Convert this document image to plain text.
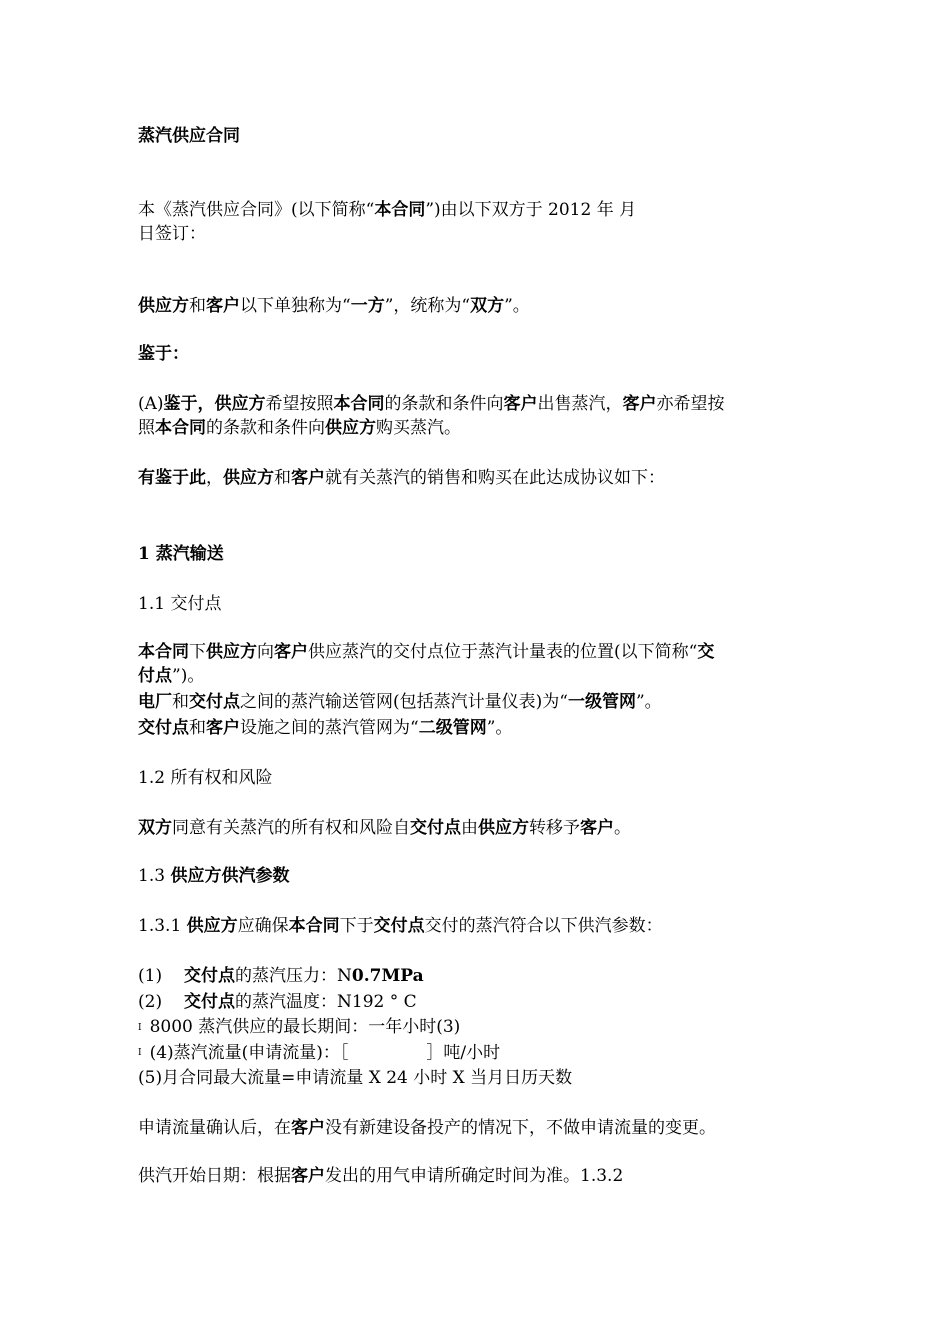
蒸汽供应合同
本《蒸汽供应合同》(以下简称“本合同”)由以下双方于 2012 年 月
日签订：
供应方和客户以下单独称为“一方”，统称为“双方”。
鉴于：
(A)鉴于，供应方希望按照本合同的条款和条件向客户出售蒸汽，客户亦希望按
照本合同的条款和条件向供应方购买蒸汽。
有鉴于此，供应方和客户就有关蒸汽的销售和购买在此达成协议如下：
1 蒸汽输送
1.1 交付点
本合同下供应方向客户供应蒸汽的交付点位于蒸汽计量表的位置(以下简称“交
付点”)。
电厂和交付点之间的蒸汽输送管网(包括蒸汽计量仪表)为“一级管网”。
交付点和客户设施之间的蒸汽管网为“二级管网”。
1.2 所有权和风险
双方同意有关蒸汽的所有权和风险自交付点由供应方转移予客户。
1.3 供应方供汽参数
1.3.1 供应方应确保本合同下于交付点交付的蒸汽符合以下供汽参数：
(1) 交付点的蒸汽压力：N0.7MPa
(2) 交付点的蒸汽温度：N192 ° C
I 8000 蒸汽供应的最长期间：一年小时(3)
I (4)蒸汽流量(申请流量)：［	］吨/小时
(5)月合同最大流量=申请流量 X 24 小时 X 当月日历天数
申请流量确认后，在客户没有新建设备投产的情况下，不做申请流量的变更。
供汽开始日期：根据客户发出的用气申请所确定时间为准。1.3.2
